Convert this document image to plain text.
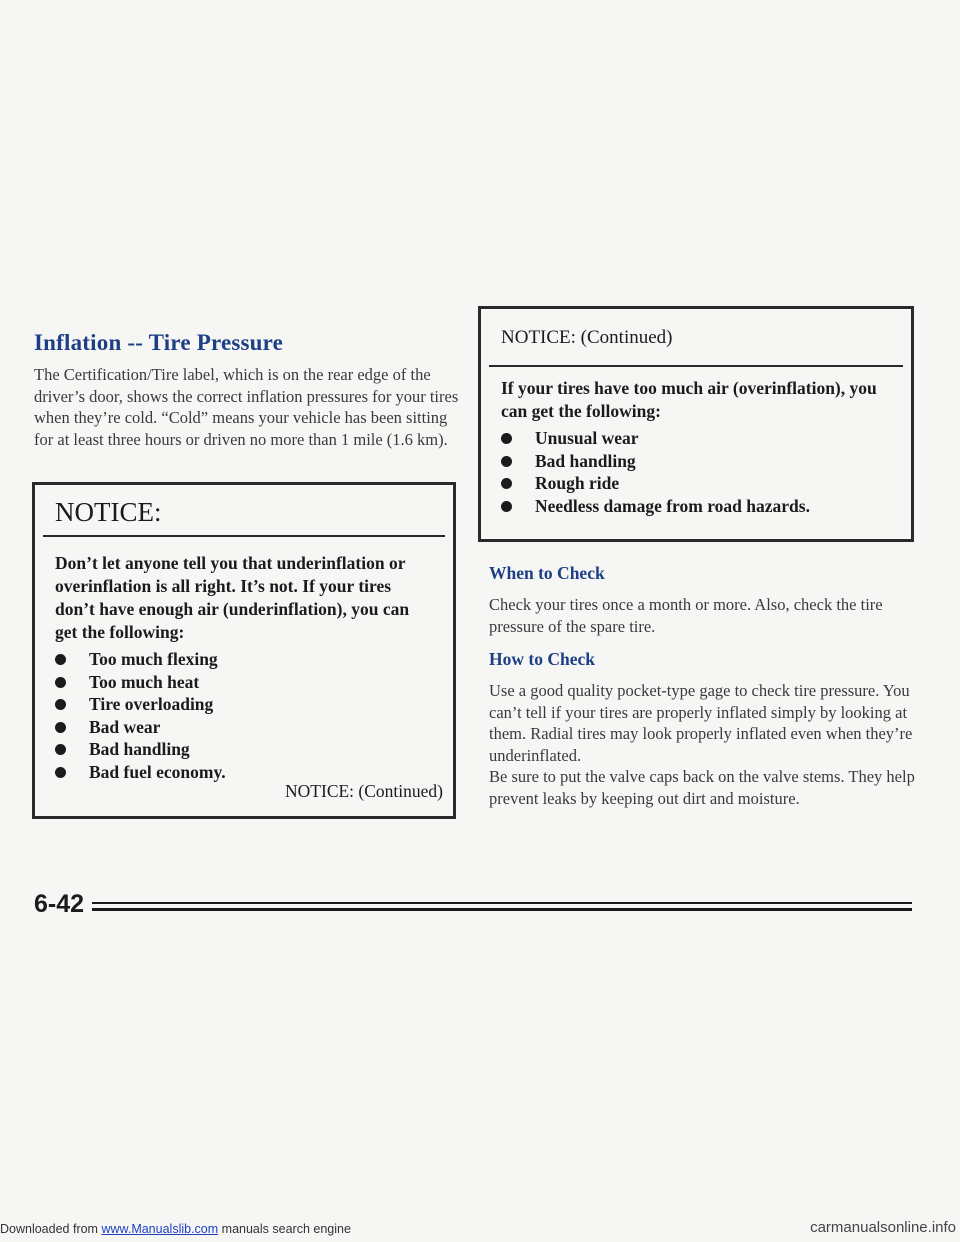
Inflation -- Tire Pressure

The Certification/Tire label, which is on the rear edge of the driver’s door, shows the correct inflation pressures for your tires when they’re cold. “Cold” means your vehicle has been sitting for at least three hours or driven no more than 1 mile (1.6 km).

NOTICE:

Don’t let anyone tell you that underinflation or overinflation is all right. It’s not. If your tires don’t have enough air (underinflation), you can get the following:

Too much flexing
Too much heat
Tire overloading
Bad wear
Bad handling
Bad fuel economy.
NOTICE: (Continued)
NOTICE: (Continued)

If your tires have too much air (overinflation), you can get the following:

Unusual wear
Bad handling
Rough ride
Needless damage from road hazards.
When to Check

Check your tires once a month or more. Also, check the tire pressure of the spare tire.

How to Check

Use a good quality pocket-type gage to check tire pressure. You can’t tell if your tires are properly inflated simply by looking at them. Radial tires may look properly inflated even when they’re underinflated.

Be sure to put the valve caps back on the valve stems. They help prevent leaks by keeping out dirt and moisture.

6-42
Downloaded from www.Manualslib.com manuals search engine	carmanualsonline.info
